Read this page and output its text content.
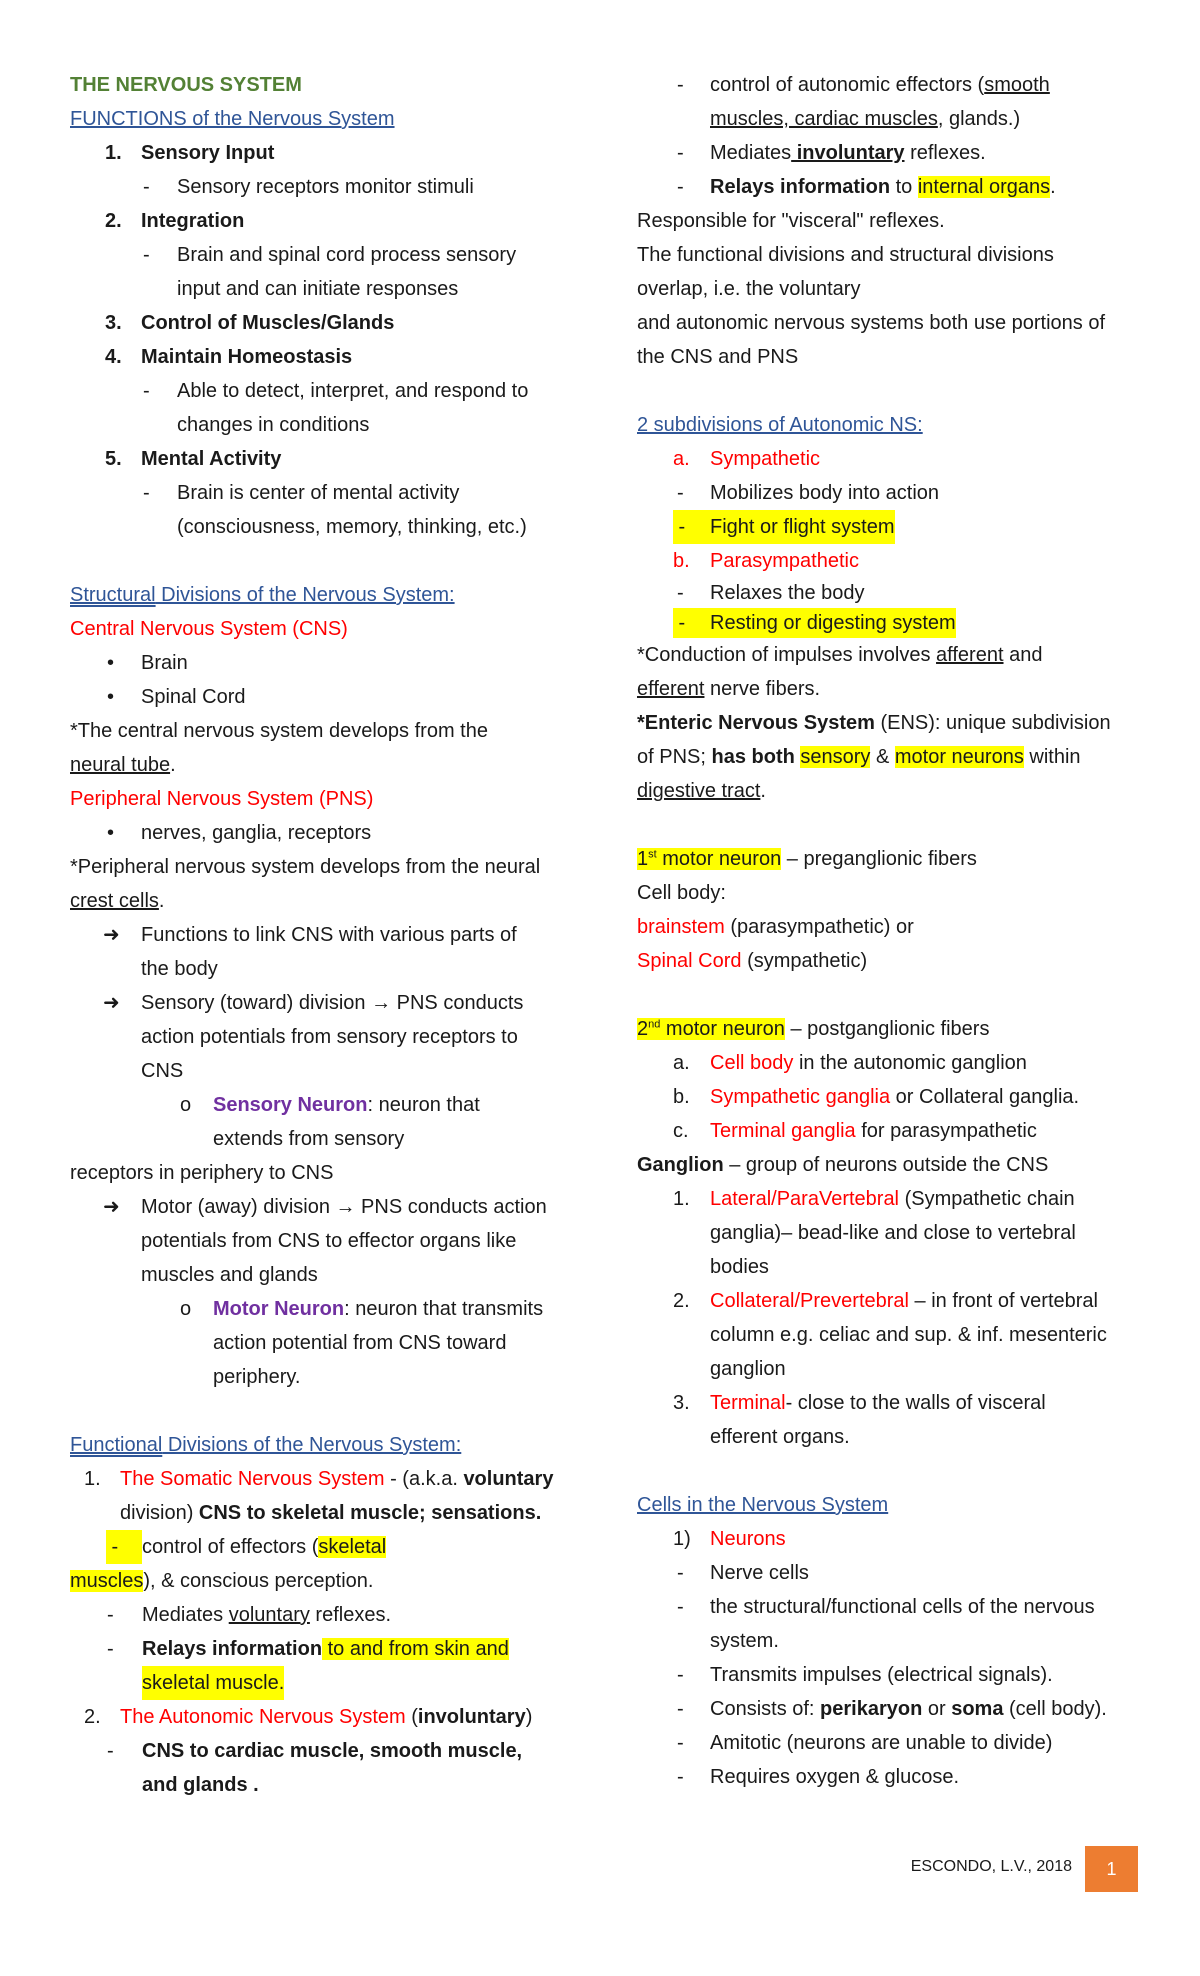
THE NERVOUS SYSTEM
FUNCTIONS of the Nervous System
1. Sensory Input
- Sensory receptors monitor stimuli
2. Integration
- Brain and spinal cord process sensory
input and can initiate responses
3. Control of Muscles/Glands
4. Maintain Homeostasis
- Able to detect, interpret, and respond to
changes in conditions
5. Mental Activity
- Brain is center of mental activity
(consciousness, memory, thinking, etc.)
Structural Divisions of the Nervous System:
Central Nervous System (CNS)
• Brain
• Spinal Cord
*The central nervous system develops from the
neural tube.
Peripheral Nervous System (PNS)
• nerves, ganglia, receptors
*Peripheral nervous system develops from the neural
crest cells.
➜ Functions to link CNS with various parts of
the body
➜ Sensory (toward) division → PNS conducts
action potentials from sensory receptors to
CNS
o Sensory Neuron: neuron that
extends from sensory
receptors in periphery to CNS
➜ Motor (away) division → PNS conducts action
potentials from CNS to effector organs like
muscles and glands
o Motor Neuron: neuron that transmits
action potential from CNS toward
periphery.
Functional Divisions of the Nervous System:
1. The Somatic Nervous System - (a.k.a. voluntary
division) CNS to skeletal muscle; sensations.
- control of effectors (skeletal
muscles), & conscious perception.
- Mediates voluntary reflexes.
- Relays information to and from skin and
skeletal muscle.
2. The Autonomic Nervous System (involuntary)
- CNS to cardiac muscle, smooth muscle,
and glands .
- control of autonomic effectors (smooth
muscles, cardiac muscles, glands.)
- Mediates involuntary reflexes.
- Relays information to internal organs.
Responsible for "visceral" reflexes.
The functional divisions and structural divisions
overlap, i.e. the voluntary
and autonomic nervous systems both use portions of
the CNS and PNS
2 subdivisions of Autonomic NS:
a. Sympathetic
- Mobilizes body into action
- Fight or flight system
b. Parasympathetic
- Relaxes the body
- Resting or digesting system
*Conduction of impulses involves afferent and
efferent nerve fibers.
*Enteric Nervous System (ENS): unique subdivision
of PNS; has both sensory & motor neurons within
digestive tract.
1st motor neuron – preganglionic fibers
Cell body:
brainstem (parasympathetic) or
Spinal Cord (sympathetic)
2nd motor neuron – postganglionic fibers
a. Cell body in the autonomic ganglion
b. Sympathetic ganglia or Collateral ganglia.
c. Terminal ganglia for parasympathetic
Ganglion – group of neurons outside the CNS
1. Lateral/ParaVertebral (Sympathetic chain
ganglia)– bead-like and close to vertebral
bodies
2. Collateral/Prevertebral – in front of vertebral
column e.g. celiac and sup. & inf. mesenteric
ganglion
3. Terminal- close to the walls of visceral
efferent organs.
Cells in the Nervous System
1) Neurons
- Nerve cells
- the structural/functional cells of the nervous
system.
- Transmits impulses (electrical signals).
- Consists of: perikaryon or soma (cell body).
- Amitotic (neurons are unable to divide)
- Requires oxygen & glucose.
ESCONDO, L.V., 2018	1
